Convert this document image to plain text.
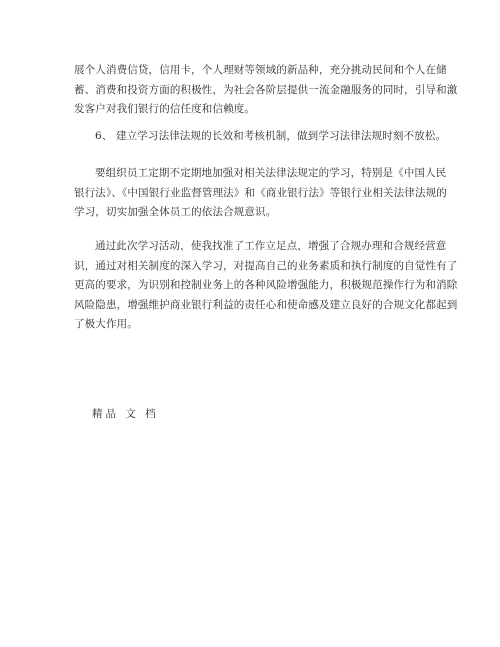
展个人消费信贷，信用卡，个人理财等领域的新品种，充分挑动民间和个人在储
蓄、消费和投资方面的积极性，为社会各阶层提供一流金融服务的同时，引导和激
发客户对我们银行的信任度和信赖度。

6、 建立学习法律法规的长效和考核机制，做到学习法律法规时刻不放松。

要组织员工定期不定期地加强对相关法律法规定的学习，特别是《中国人民
银行法》、《中国银行业监督管理法》和《商业银行法》等银行业相关法律法规的
学习，切实加强全体员工的依法合规意识。

通过此次学习活动，使我找准了工作立足点，增强了合规办理和合规经营意
识，通过对相关制度的深入学习，对提高自己的业务素质和执行制度的自觉性有了
更高的要求，为识别和控制业务上的各种风险增强能力，积极规范操作行为和消除
风险隐患，增强维护商业银行利益的责任心和使命感及建立良好的合规文化都起到
了极大作用。

精品 文 档
